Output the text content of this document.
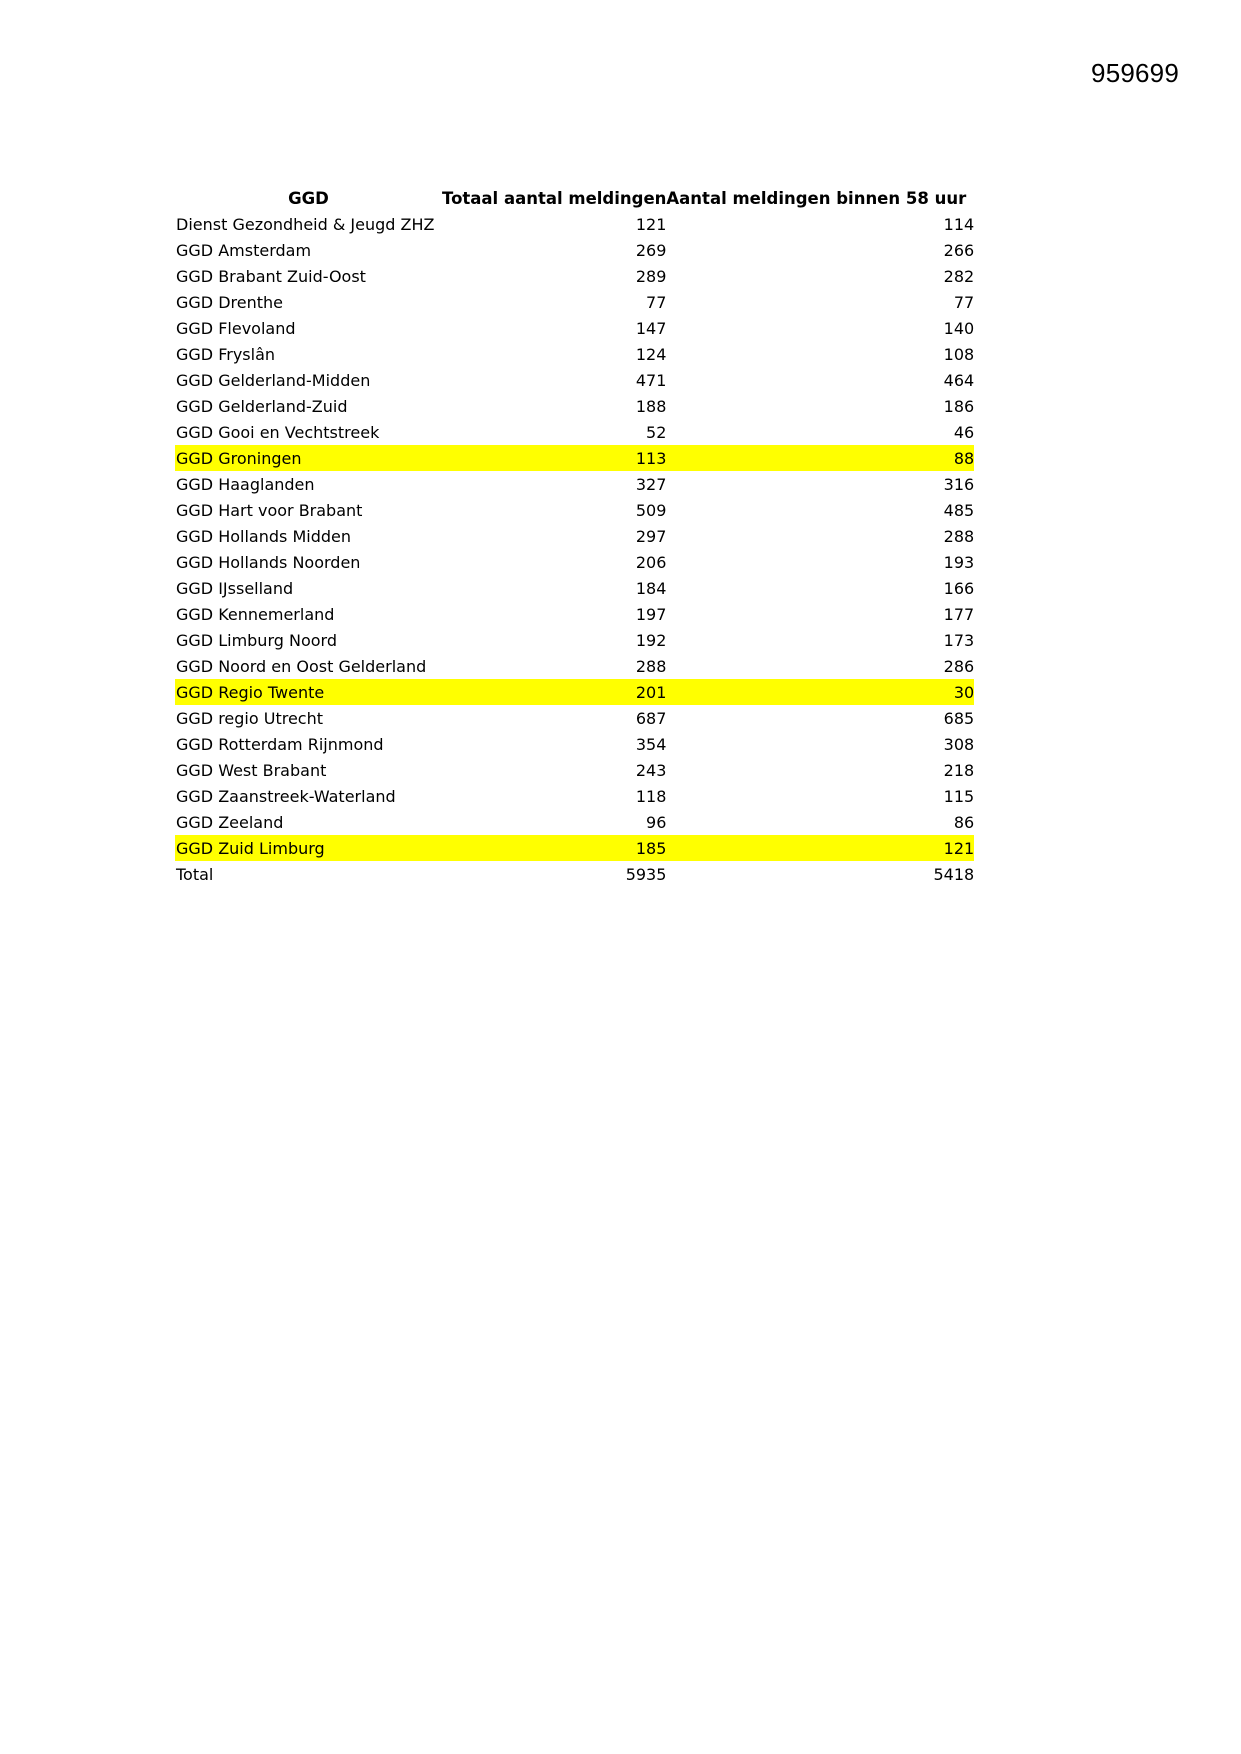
959699
GGD	Totaal aantal meldingen	Aantal meldingen binnen 58 uur
Dienst Gezondheid & Jeugd ZHZ	121	114
GGD Amsterdam	269	266
GGD Brabant Zuid-Oost	289	282
GGD Drenthe	77	77
GGD Flevoland	147	140
GGD Fryslân	124	108
GGD Gelderland-Midden	471	464
GGD Gelderland-Zuid	188	186
GGD Gooi en Vechtstreek	52	46
GGD Groningen	113	88
GGD Haaglanden	327	316
GGD Hart voor Brabant	509	485
GGD Hollands Midden	297	288
GGD Hollands Noorden	206	193
GGD IJsselland	184	166
GGD Kennemerland	197	177
GGD Limburg Noord	192	173
GGD Noord en Oost Gelderland	288	286
GGD Regio Twente	201	30
GGD regio Utrecht	687	685
GGD Rotterdam Rijnmond	354	308
GGD West Brabant	243	218
GGD Zaanstreek-Waterland	118	115
GGD Zeeland	96	86
GGD Zuid Limburg	185	121
Total	5935	5418
